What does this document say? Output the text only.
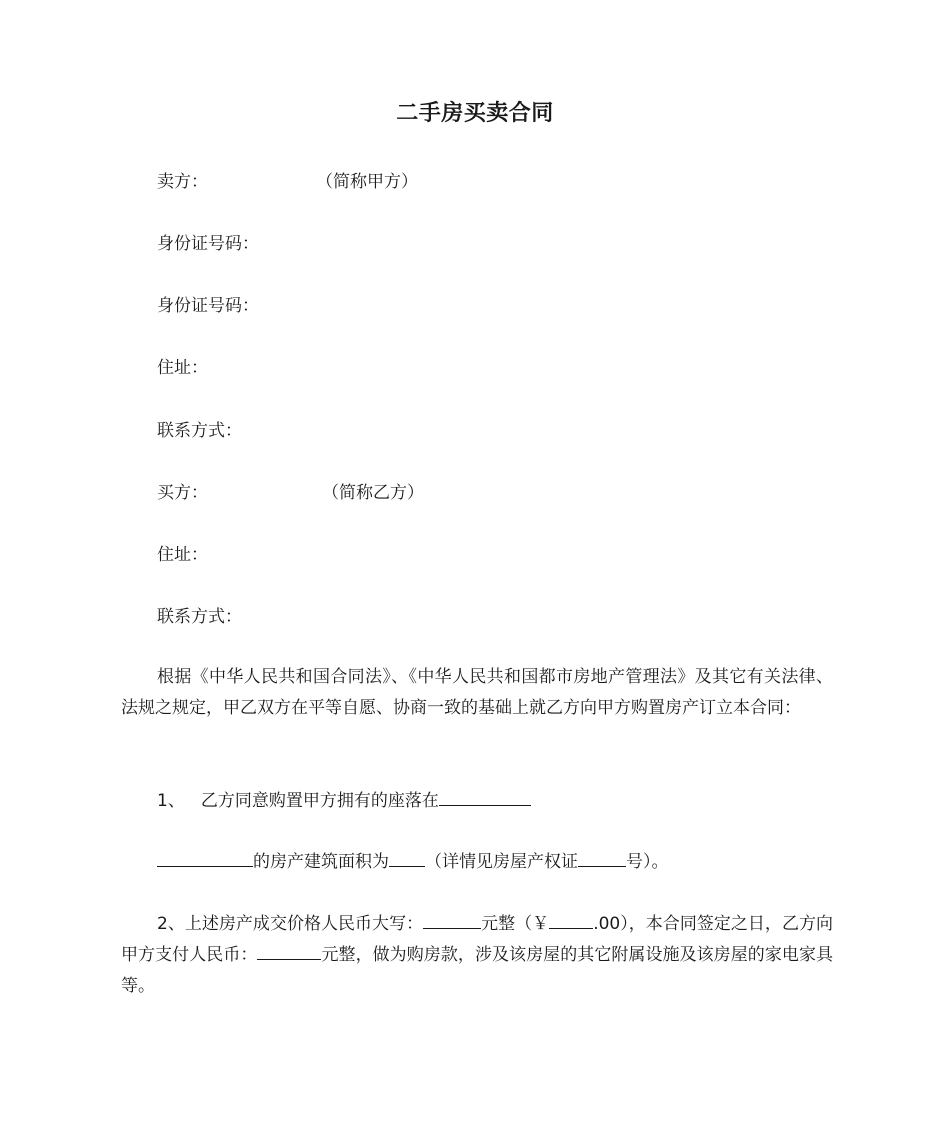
二手房买卖合同
卖方：	（简称甲方）
身份证号码：
身份证号码：
住址：
联系方式：
买方：	（简称乙方）
住址：
联系方式：
根据《中华人民共和国合同法》、《中华人民共和国都市房地产管理法》及其它有关法律、法规之规定，甲乙双方在平等自愿、协商一致的基础上就乙方向甲方购置房产订立本合同：
1、 乙方同意购置甲方拥有的座落在
的房产建筑面积为 （详情见房屋产权证	号）。
2、上述房产成交价格人民币大写：	元整（￥	.00），本合同签定之日，乙方向甲方支付人民币：	元整，做为购房款，涉及该房屋的其它附属设施及该房屋的家电家具等。
